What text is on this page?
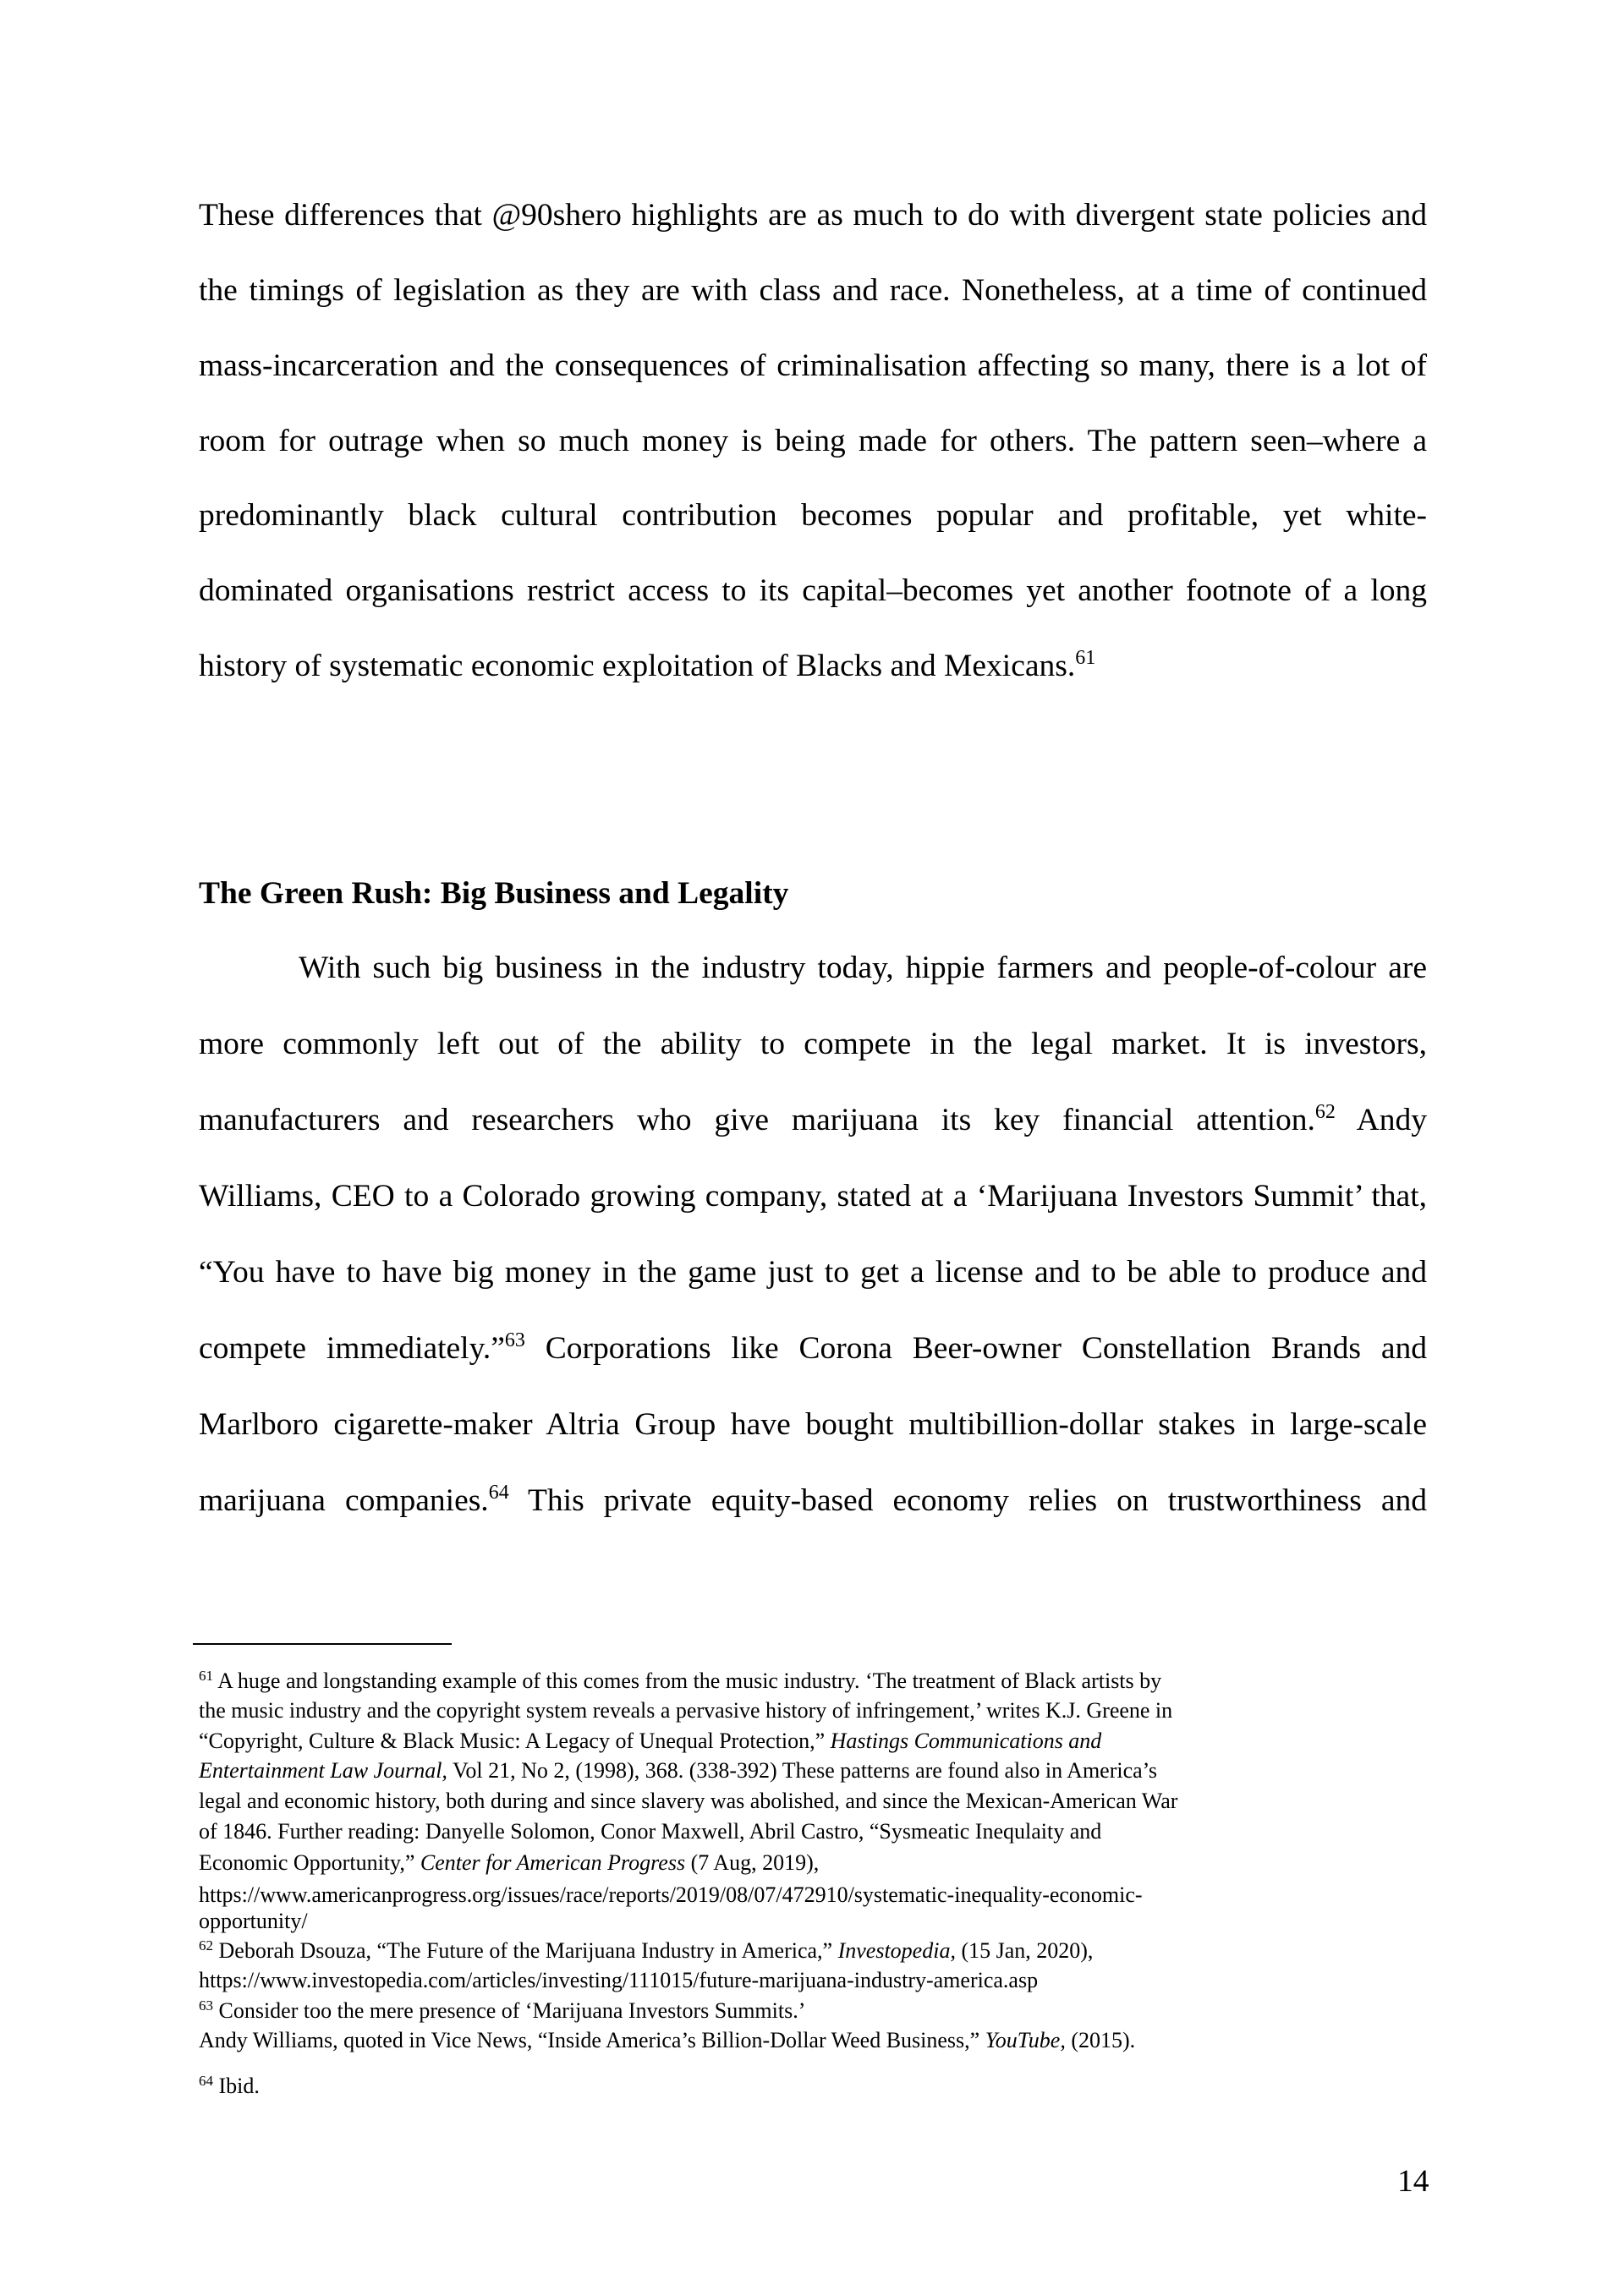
These differences that @90shero highlights are as much to do with divergent state policies and
the timings of legislation as they are with class and race. Nonetheless, at a time of continued
mass-incarceration and the consequences of criminalisation affecting so many, there is a lot of
room for outrage when so much money is being made for others. The pattern seen–where a
predominantly black cultural contribution becomes popular and profitable, yet white-
dominated organisations restrict access to its capital–becomes yet another footnote of a long
history of systematic economic exploitation of Blacks and Mexicans.$^{61}$
The Green Rush: Big Business and Legality
With such big business in the industry today, hippie farmers and people-of-colour are
more commonly left out of the ability to compete in the legal market. It is investors,
manufacturers and researchers who give marijuana its key financial attention.$^{62}$ Andy
Williams, CEO to a Colorado growing company, stated at a ‘Marijuana Investors Summit’ that,
“You have to have big money in the game just to get a license and to be able to produce and
compete immediately.”$^{63}$ Corporations like Corona Beer-owner Constellation Brands and
Marlboro cigarette-maker Altria Group have bought multibillion-dollar stakes in large-scale
marijuana companies.$^{64}$ This private equity-based economy relies on trustworthiness and
$^{61}$ A huge and longstanding example of this comes from the music industry. ‘The treatment of Black artists by
the music industry and the copyright system reveals a pervasive history of infringement,’ writes K.J. Greene in
“Copyright, Culture & Black Music: A Legacy of Unequal Protection,” Hastings Communications and
Entertainment Law Journal, Vol 21, No 2, (1998), 368. (338-392) These patterns are found also in America’s
legal and economic history, both during and since slavery was abolished, and since the Mexican-American War
of 1846. Further reading: Danyelle Solomon, Conor Maxwell, Abril Castro, “Sysmeatic Inequlaity and
Economic Opportunity,” Center for American Progress (7 Aug, 2019),
https://www.americanprogress.org/issues/race/reports/2019/08/07/472910/systematic-inequality-economic-
opportunity/
$^{62}$ Deborah Dsouza, “The Future of the Marijuana Industry in America,” Investopedia, (15 Jan, 2020),
https://www.investopedia.com/articles/investing/111015/future-marijuana-industry-america.asp
$^{63}$ Consider too the mere presence of ‘Marijuana Investors Summits.’
Andy Williams, quoted in Vice News, “Inside America’s Billion-Dollar Weed Business,” YouTube, (2015).
$^{64}$ Ibid.
14
